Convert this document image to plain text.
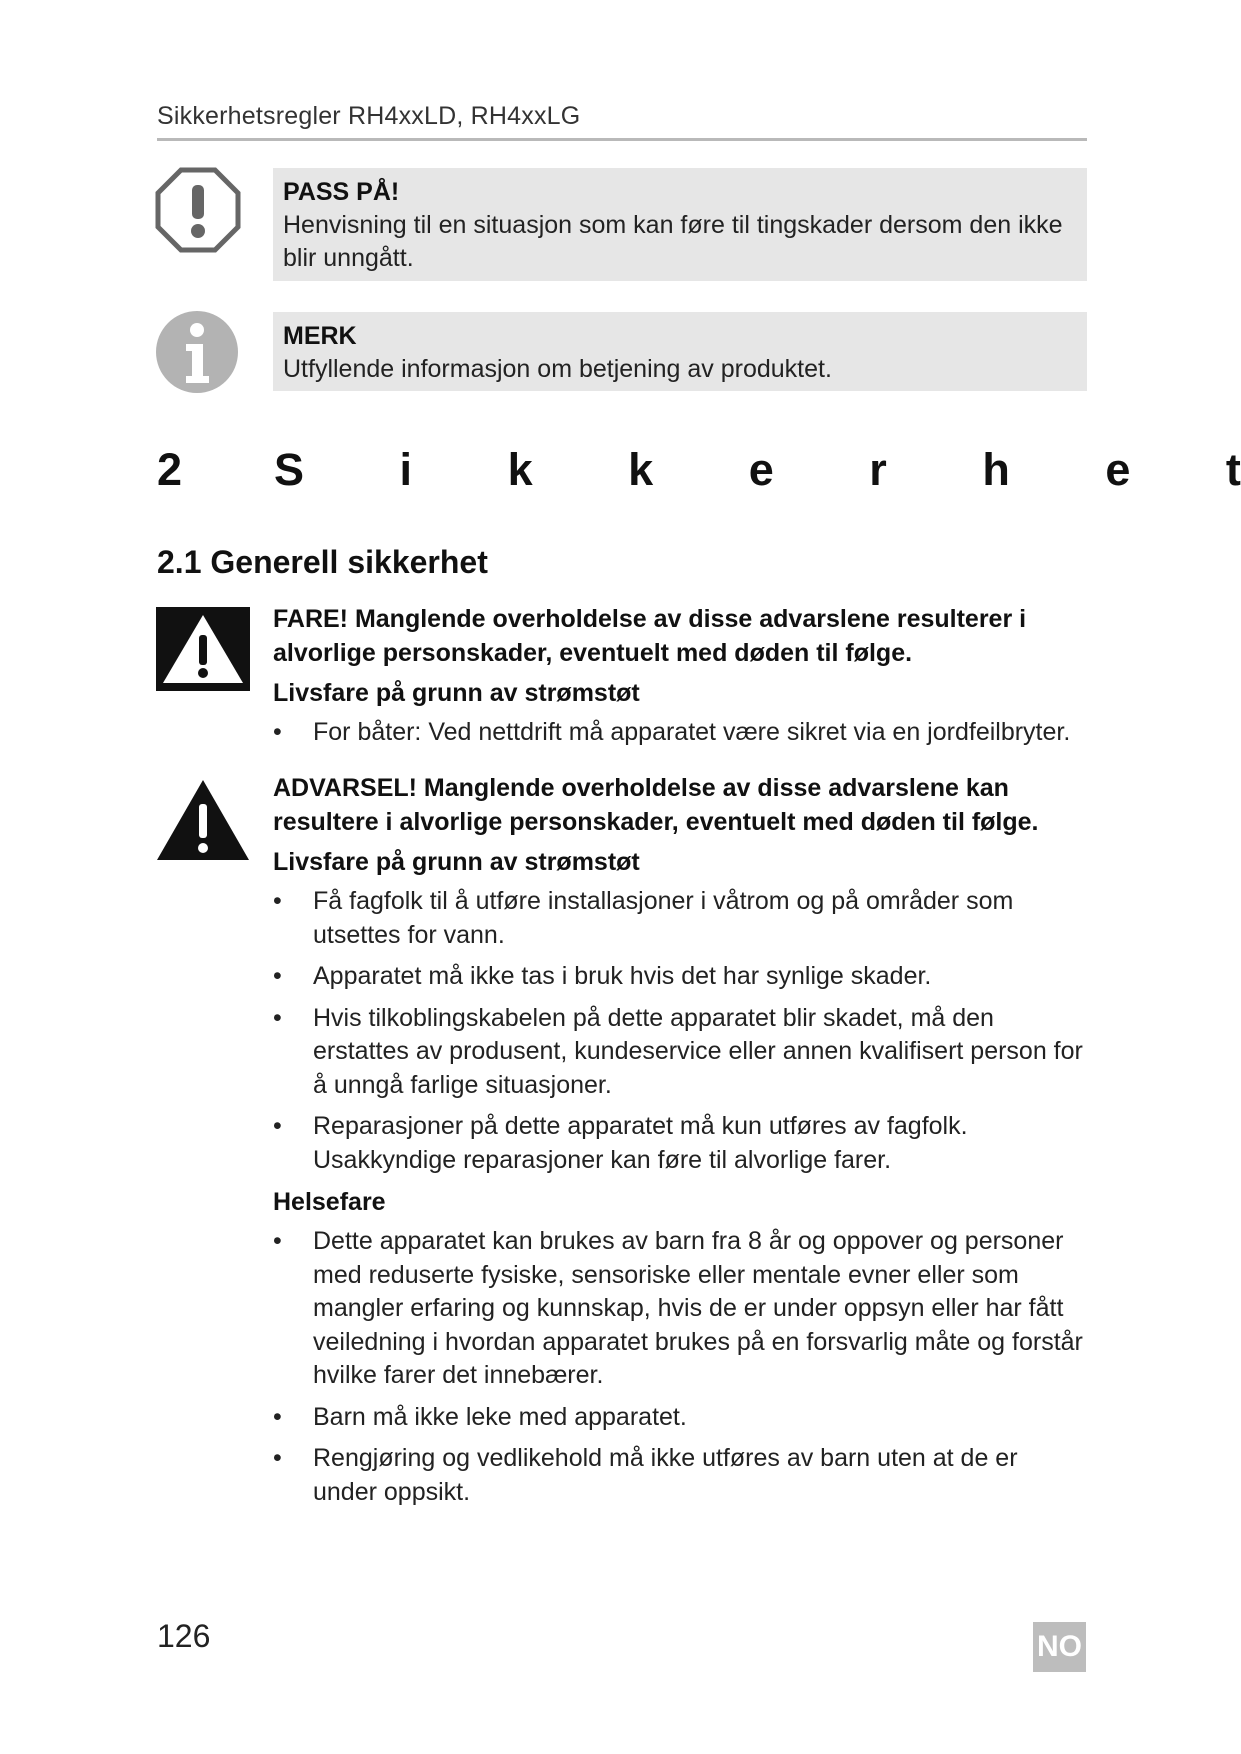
Sikkerhetsregler RH4xxLD, RH4xxLG
PASS PÅ!
Henvisning til en situasjon som kan føre til tingskader dersom den ikke blir unngått.
MERK
Utfyllende informasjon om betjening av produktet.
2	S i k k e r h e t
2.1 Generell sikkerhet
FARE! Manglende overholdelse av disse advarslene resulterer i alvorlige personskader, eventuelt med døden til følge.
Livsfare på grunn av strømstøt
• For båter: Ved nettdrift må apparatet være sikret via en jordfeilbryter.
ADVARSEL! Manglende overholdelse av disse advarslene kan resultere i alvorlige personskader, eventuelt med døden til følge.
Livsfare på grunn av strømstøt
• Få fagfolk til å utføre installasjoner i våtrom og på områder som utsettes for vann.
• Apparatet må ikke tas i bruk hvis det har synlige skader.
• Hvis tilkoblingskabelen på dette apparatet blir skadet, må den erstattes av produsent, kundeservice eller annen kvalifisert person for å unngå farlige situasjoner.
• Reparasjoner på dette apparatet må kun utføres av fagfolk. Usakkyndige reparasjoner kan føre til alvorlige farer.
Helsefare
• Dette apparatet kan brukes av barn fra 8 år og oppover og personer med reduserte fysiske, sensoriske eller mentale evner eller som mangler erfaring og kunnskap, hvis de er under oppsyn eller har fått veiledning i hvordan apparatet brukes på en forsvarlig måte og forstår hvilke farer det innebærer.
• Barn må ikke leke med apparatet.
• Rengjøring og vedlikehold må ikke utføres av barn uten at de er under oppsikt.
126	NO
